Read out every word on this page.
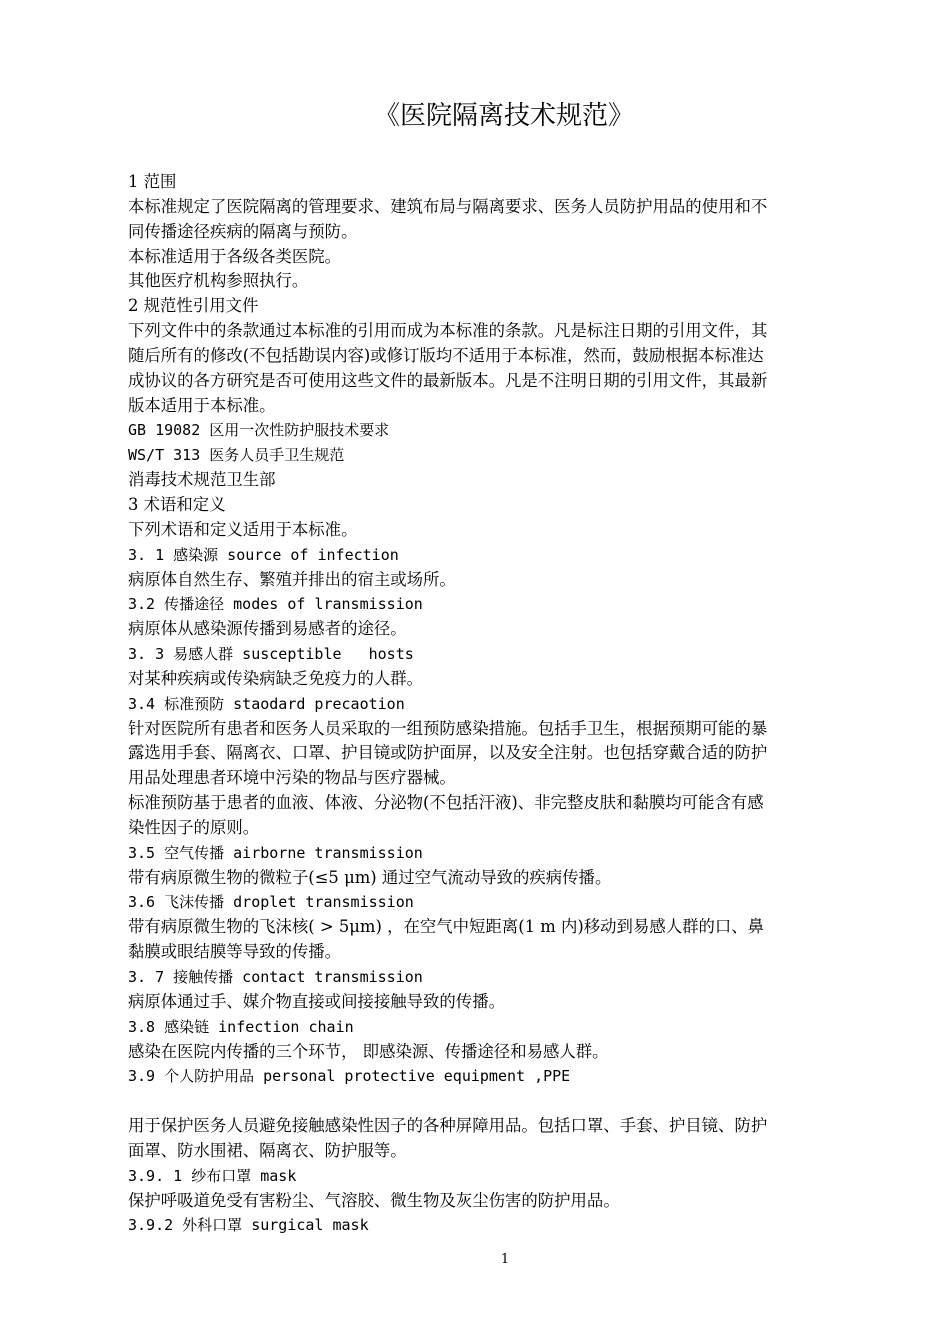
《医院隔离技术规范》
1 范围
本标准规定了医院隔离的管理要求、建筑布局与隔离要求、医务人员防护用品的使用和不
同传播途径疾病的隔离与预防。
本标准适用于各级各类医院。
其他医疗机构参照执行。
2 规范性引用文件
下列文件中的条款通过本标准的引用而成为本标准的条款。凡是标注日期的引用文件，其
随后所有的修改(不包括勘误内容)或修订版均不适用于本标准，然而，鼓励根据本标准达
成协议的各方研究是否可使用这些文件的最新版本。凡是不注明日期的引用文件，其最新
版本适用于本标准。
GB 19082 区用一次性防护服技术要求
WS/T 313 医务人员手卫生规范
消毒技术规范卫生部
3 术语和定义
下列术语和定义适用于本标准。
3. 1 感染源 source of infection
病原体自然生存、繁殖并排出的宿主或场所。
3.2 传播途径 modes of lransmission
病原体从感染源传播到易感者的途径。
3. 3 易感人群 susceptible   hosts
对某种疾病或传染病缺乏免疫力的人群。
3.4 标准预防 staodard precaotion
针对医院所有患者和医务人员采取的一组预防感染措施。包括手卫生，根据预期可能的暴
露选用手套、隔离衣、口罩、护目镜或防护面屏，以及安全注射。也包括穿戴合适的防护
用品处理患者环境中污染的物品与医疗器械。
标准预防基于患者的血液、体液、分泌物(不包括汗液)、非完整皮肤和黏膜均可能含有感
染性因子的原则。
3.5 空气传播 airborne transmission
带有病原微生物的微粒子(≤5 μm) 通过空气流动导致的疾病传播。
3.6 飞沫传播 droplet transmission
带有病原微生物的飞沫核( > 5μm) ，在空气中短距离(1 m 内)移动到易感人群的口、鼻
黏膜或眼结膜等导致的传播。
3. 7 接触传播 contact transmission
病原体通过手、媒介物直接或间接接触导致的传播。
3.8 感染链 infection chain
感染在医院内传播的三个环节， 即感染源、传播途径和易感人群。
3.9 个人防护用品 personal protective equipment ,PPE
用于保护医务人员避免接触感染性因子的各种屏障用品。包括口罩、手套、护目镜、防护
面罩、防水围裙、隔离衣、防护服等。
3.9. 1 纱布口罩 mask
保护呼吸道免受有害粉尘、气溶胶、微生物及灰尘伤害的防护用品。
3.9.2 外科口罩 surgical mask
1
